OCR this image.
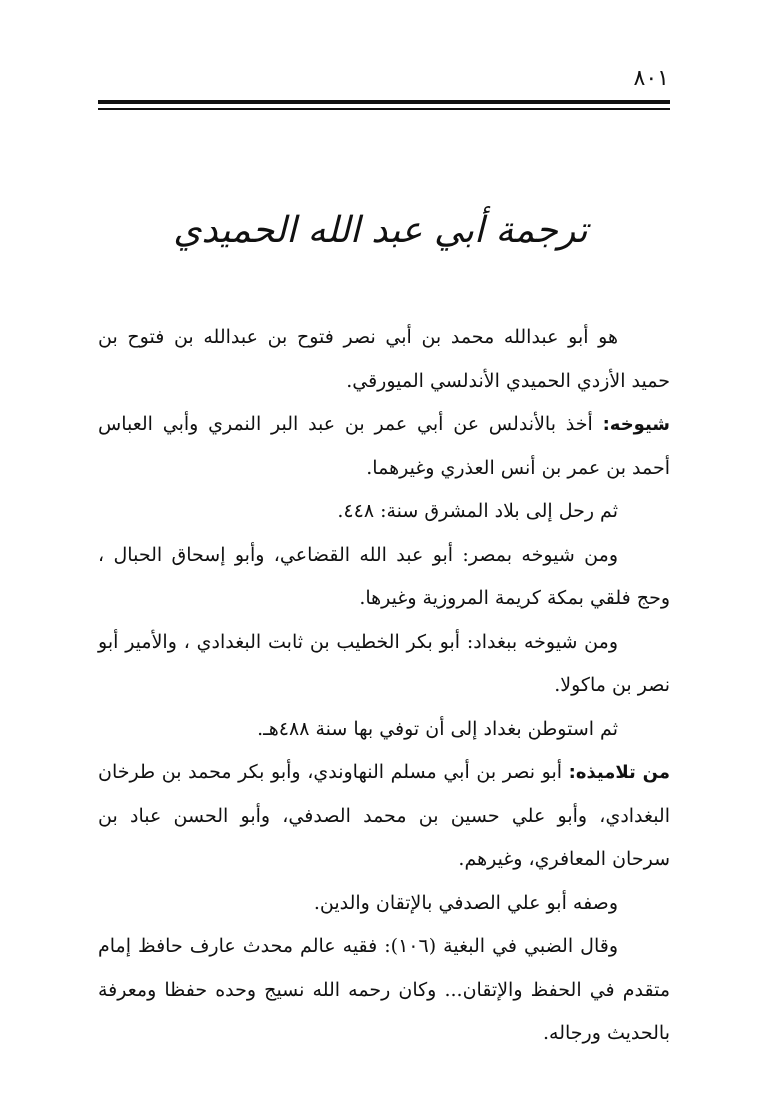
٨٠١
ترجمة أبي عبد الله الحميدي

هو أبو عبدالله محمد بن أبي نصر فتوح بن عبدالله بن فتوح بن حميد الأزدي الحميدي الأندلسي الميورقي.

شيوخه: أخذ بالأندلس عن أبي عمر بن عبد البر النمري وأبي العباس أحمد بن عمر بن أنس العذري وغيرهما.

ثم رحل إلى بلاد المشرق سنة: ٤٤٨.

ومن شيوخه بمصر: أبو عبد الله القضاعي، وأبو إسحاق الحبال ، وحج فلقي بمكة كريمة المروزية وغيرها.

ومن شيوخه ببغداد: أبو بكر الخطيب بن ثابت البغدادي ، والأمير أبو نصر بن ماكولا.

ثم استوطن بغداد إلى أن توفي بها سنة ٤٨٨هـ.

من تلاميذه: أبو نصر بن أبي مسلم النهاوندي، وأبو بكر محمد بن طرخان البغدادي، وأبو علي حسين بن محمد الصدفي، وأبو الحسن عباد بن سرحان المعافري، وغيرهم.

وصفه أبو علي الصدفي بالإتقان والدين.

وقال الضبي في البغية (١٠٦): فقيه عالم محدث عارف حافظ إمام متقدم في الحفظ والإتقان... وكان رحمه الله نسيج وحده حفظا ومعرفة بالحديث ورجاله.
